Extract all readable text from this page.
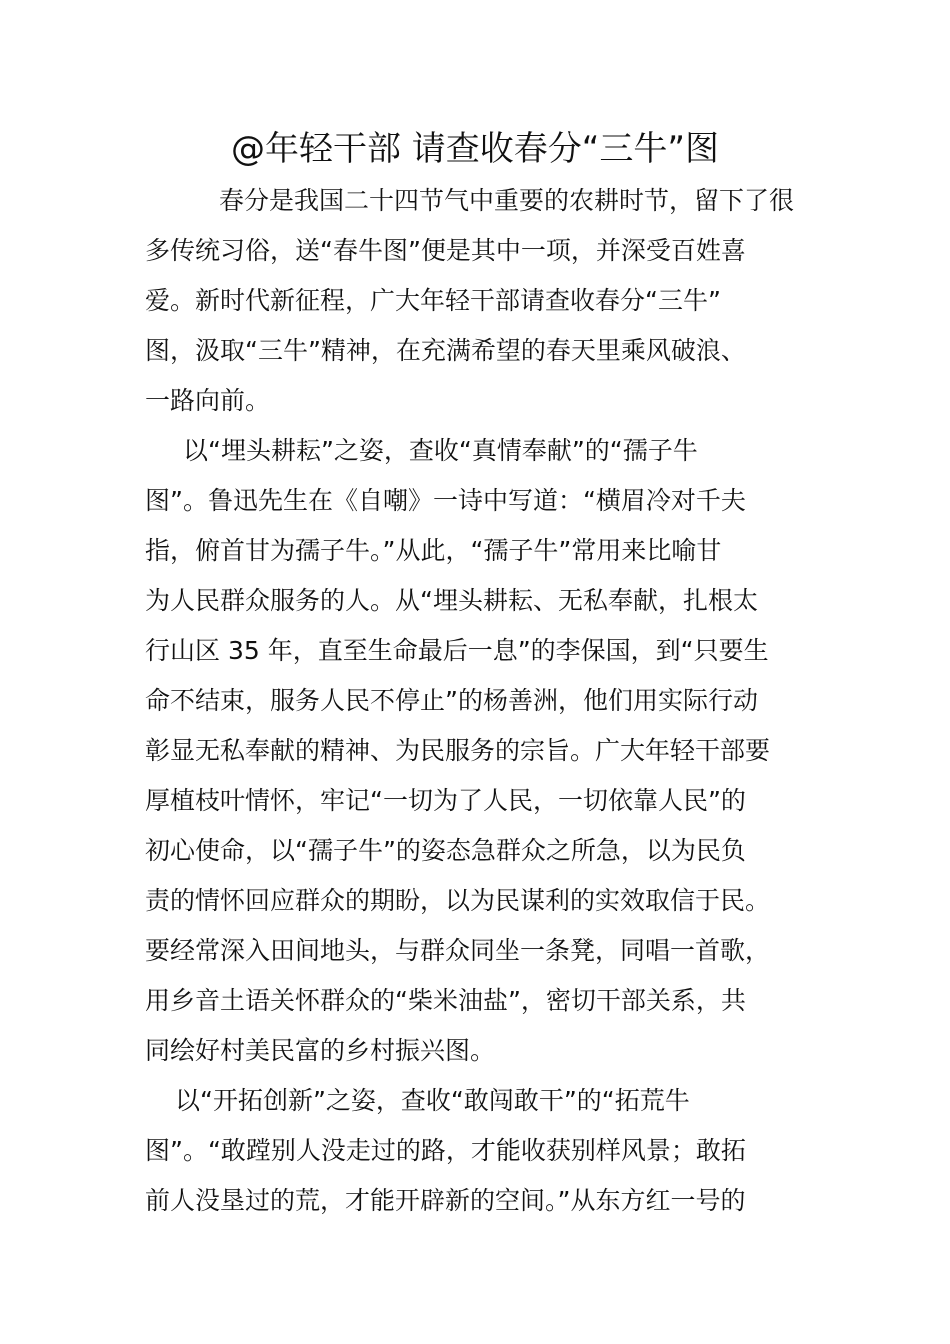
@年轻干部 请查收春分“三牛”图
春分是我国二十四节气中重要的农耕时节，留下了很
多传统习俗，送“春牛图”便是其中一项，并深受百姓喜
爱。新时代新征程，广大年轻干部请查收春分“三牛”
图，汲取“三牛”精神，在充满希望的春天里乘风破浪、
一路向前。
以“埋头耕耘”之姿，查收“真情奉献”的“孺子牛
图”。鲁迅先生在《自嘲》一诗中写道：“横眉冷对千夫
指，俯首甘为孺子牛。”从此，“孺子牛”常用来比喻甘
为人民群众服务的人。从“埋头耕耘、无私奉献，扎根太
行山区 35 年，直至生命最后一息”的李保国，到“只要生
命不结束，服务人民不停止”的杨善洲，他们用实际行动
彰显无私奉献的精神、为民服务的宗旨。广大年轻干部要
厚植枝叶情怀，牢记“一切为了人民，一切依靠人民”的
初心使命，以“孺子牛”的姿态急群众之所急，以为民负
责的情怀回应群众的期盼，以为民谋利的实效取信于民。
要经常深入田间地头，与群众同坐一条凳，同唱一首歌，
用乡音土语关怀群众的“柴米油盐”，密切干部关系，共
同绘好村美民富的乡村振兴图。
以“开拓创新”之姿，查收“敢闯敢干”的“拓荒牛
图”。“敢蹚别人没走过的路，才能收获别样风景；敢拓
前人没垦过的荒，才能开辟新的空间。”从东方红一号的
